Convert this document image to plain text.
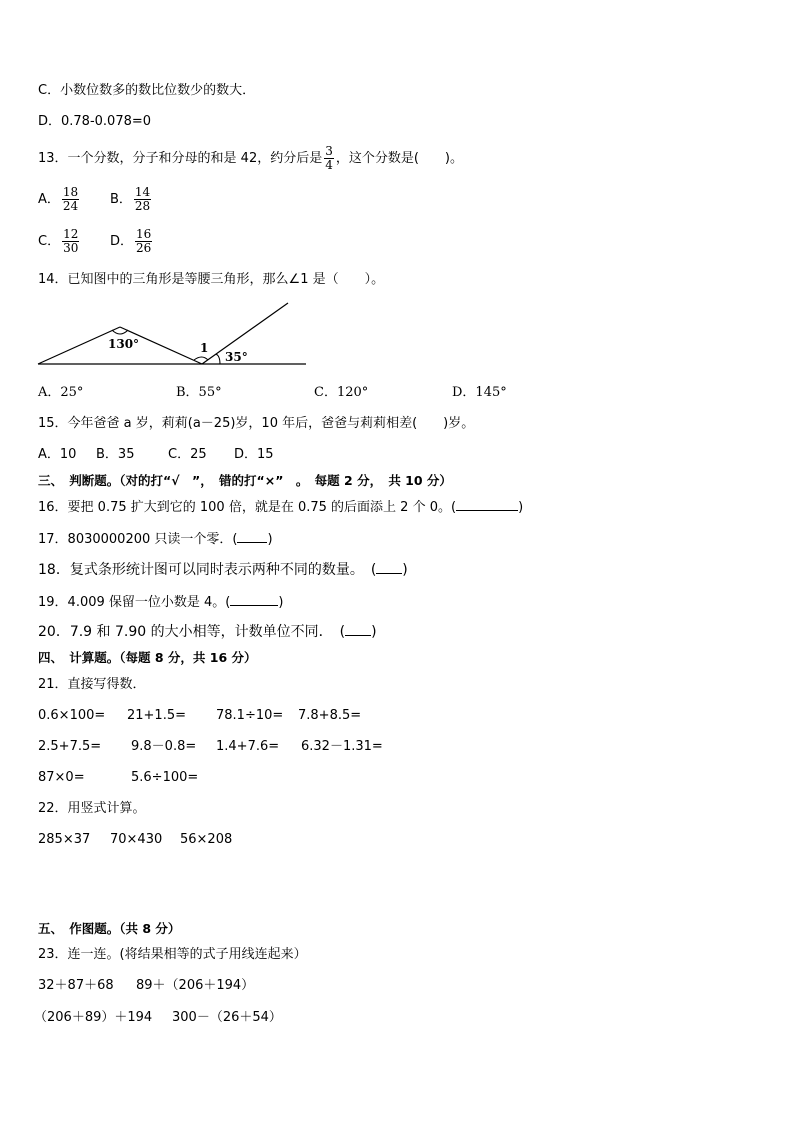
C．小数位数多的数比位数少的数大．
D．0.78-0.078=0
13．一个分数，分子和分母的和是 42，约分后是 $\frac{3}{4}$ ，这个分数是(　　)。
A． $\frac{18}{24}$ B． $\frac{14}{28}$
C． $\frac{12}{30}$ D． $\frac{16}{26}$
14．已知图中的三角形是等腰三角形，那么∠1 是（　　）。
130°	1
35°
A．25°	B．55°	C．120°	D．145°
15．今年爸爸 a 岁，莉莉(a－25)岁，10 年后，爸爸与莉莉相差(　　)岁。
A．10 B．35	C．25 D．15
三、　判断题。（对的打“√　”，　错的打“×”　。　每题 2 分，　共 10 分）
16．要把 0.75 扩大到它的 100 倍，就是在 0.75 的后面添上 2 个 0。(	)
17．8030000200 只读一个零．( )
18．复式条形统计图可以同时表示两种不同的数量。　( )
19．4.009 保留一位小数是 4。(	)
20．7.9 和 7.90 的大小相等，计数单位不同．　( )
四、　计算题。（每题 8 分，共 16 分）
21．直接写得数．
0.6×100= 21+1.5= 78.1÷10= 7.8+8.5=
2.5+7.5= 9.8－0.8= 1.4+7.6= 6.32－1.31=
87×0=	5.6÷100=
22．用竖式计算。
285×37 70×430 56×208
五、　作图题。（共 8 分）
23．连一连。(将结果相等的式子用线连起来）
32＋87＋68 89＋（206＋194）
（206＋89）＋194 300－（26＋54）
